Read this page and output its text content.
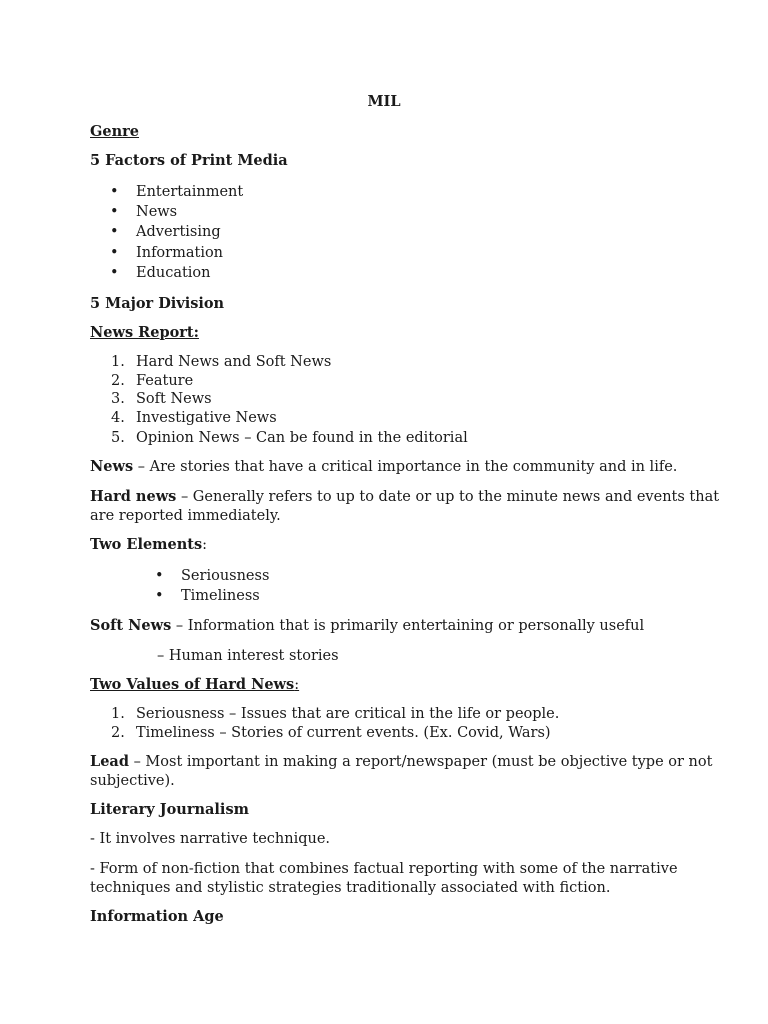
MIL
Genre
5 Factors of Print Media
• Entertainment
• News
• Advertising
• Information
• Education
5 Major Division
News Report:
1. Hard News and Soft News
2. Feature
3. Soft News
4. Investigative News
5. Opinion News – Can be found in the editorial
News – Are stories that have a critical importance in the community and in life.
Hard news – Generally refers to up to date or up to the minute news and events that
are reported immediately.
Two Elements:
• Seriousness
• Timeliness
Soft News – Information that is primarily entertaining or personally useful
– Human interest stories
Two Values of Hard News:
1. Seriousness – Issues that are critical in the life or people.
2. Timeliness – Stories of current events. (Ex. Covid, Wars)
Lead – Most important in making a report/newspaper (must be objective type or not
subjective).
Literary Journalism
- It involves narrative technique.
- Form of non-fiction that combines factual reporting with some of the narrative
techniques and stylistic strategies traditionally associated with fiction.
Information Age
